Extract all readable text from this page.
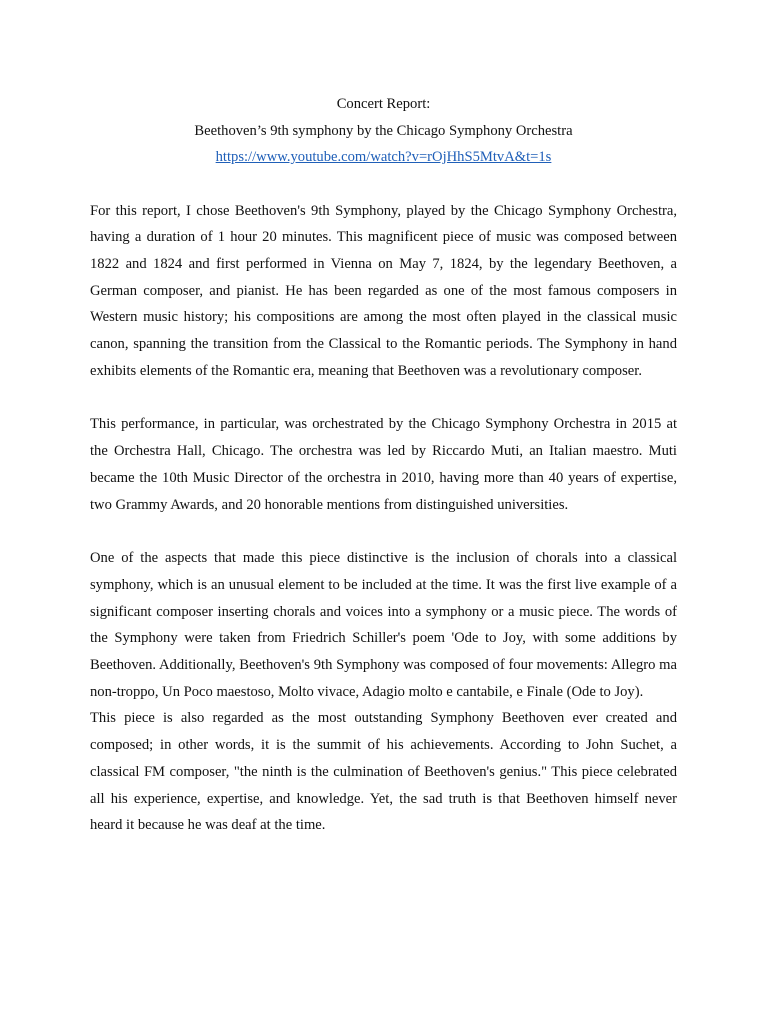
Concert Report:
Beethoven’s 9th symphony by the Chicago Symphony Orchestra
https://www.youtube.com/watch?v=rOjHhS5MtvA&t=1s

For this report, I chose Beethoven's 9th Symphony, played by the Chicago Symphony Orchestra, having a duration of 1 hour 20 minutes. This magnificent piece of music was composed between 1822 and 1824 and first performed in Vienna on May 7, 1824, by the legendary Beethoven, a German composer, and pianist. He has been regarded as one of the most famous composers in Western music history; his compositions are among the most often played in the classical music canon, spanning the transition from the Classical to the Romantic periods. The Symphony in hand exhibits elements of the Romantic era, meaning that Beethoven was a revolutionary composer.

This performance, in particular, was orchestrated by the Chicago Symphony Orchestra in 2015 at the Orchestra Hall, Chicago. The orchestra was led by Riccardo Muti, an Italian maestro. Muti became the 10th Music Director of the orchestra in 2010, having more than 40 years of expertise, two Grammy Awards, and 20 honorable mentions from distinguished universities.

One of the aspects that made this piece distinctive is the inclusion of chorals into a classical symphony, which is an unusual element to be included at the time. It was the first live example of a significant composer inserting chorals and voices into a symphony or a music piece. The words of the Symphony were taken from Friedrich Schiller's poem 'Ode to Joy, with some additions by Beethoven. Additionally, Beethoven's 9th Symphony was composed of four movements: Allegro ma non-troppo, Un Poco maestoso, Molto vivace, Adagio molto e cantabile, e Finale (Ode to Joy).

This piece is also regarded as the most outstanding Symphony Beethoven ever created and composed; in other words, it is the summit of his achievements. According to John Suchet, a classical FM composer, "the ninth is the culmination of Beethoven's genius." This piece celebrated all his experience, expertise, and knowledge. Yet, the sad truth is that Beethoven himself never heard it because he was deaf at the time.
